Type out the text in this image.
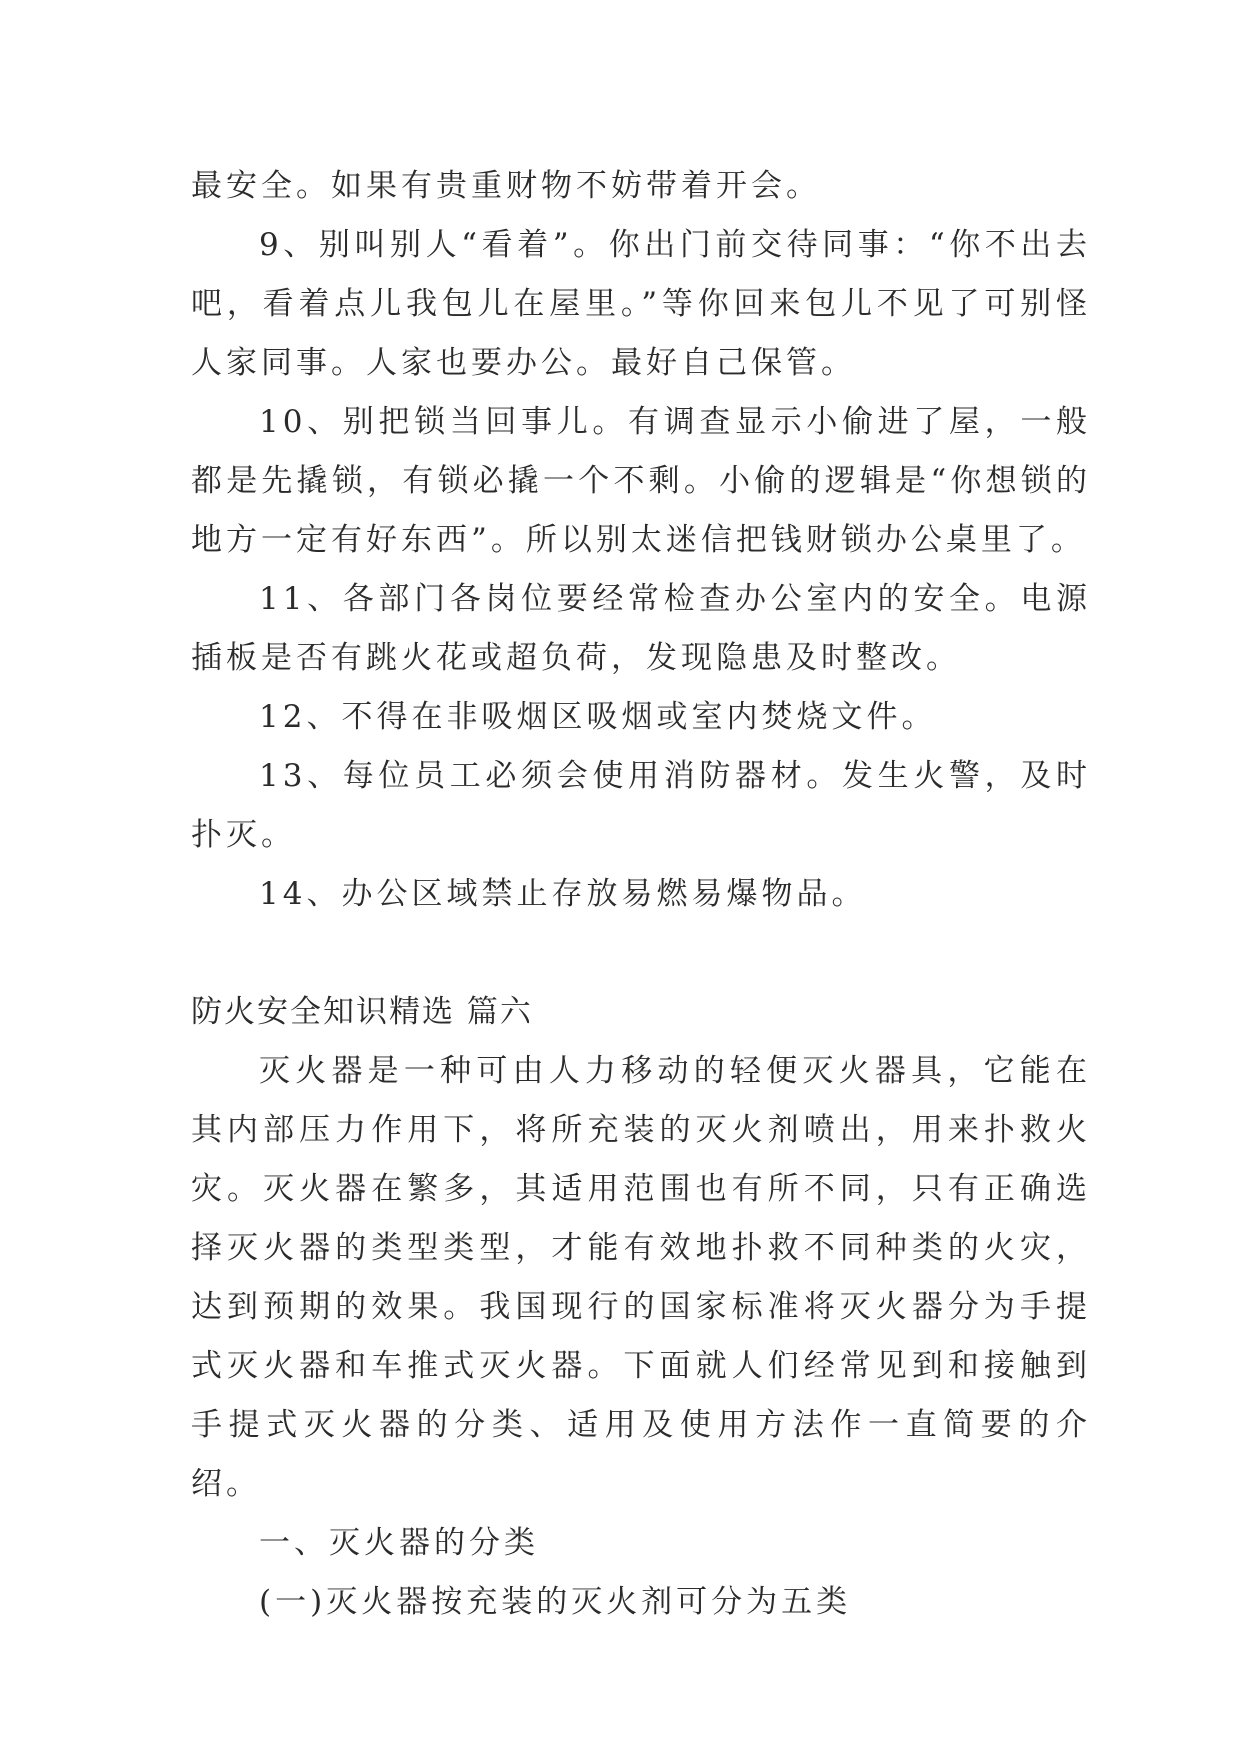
最安全。如果有贵重财物不妨带着开会。

9、别叫别人“看着”。你出门前交待同事：“你不出去吧，看着点儿我包儿在屋里。”等你回来包儿不见了可别怪人家同事。人家也要办公。最好自己保管。

10、别把锁当回事儿。有调查显示小偷进了屋，一般都是先撬锁，有锁必撬一个不剩。小偷的逻辑是“你想锁的地方一定有好东西”。所以别太迷信把钱财锁办公桌里了。

11、各部门各岗位要经常检查办公室内的安全。电源插板是否有跳火花或超负荷，发现隐患及时整改。

12、不得在非吸烟区吸烟或室内焚烧文件。

13、每位员工必须会使用消防器材。发生火警，及时扑灭。

14、办公区域禁止存放易燃易爆物品。

防火安全知识精选 篇六

灭火器是一种可由人力移动的轻便灭火器具，它能在其内部压力作用下，将所充装的灭火剂喷出，用来扑救火灾。灭火器在繁多，其适用范围也有所不同，只有正确选择灭火器的类型类型，才能有效地扑救不同种类的火灾，达到预期的效果。我国现行的国家标准将灭火器分为手提式灭火器和车推式灭火器。下面就人们经常见到和接触到手提式灭火器的分类、适用及使用方法作一直简要的介绍。

一、灭火器的分类

(一)灭火器按充装的灭火剂可分为五类
